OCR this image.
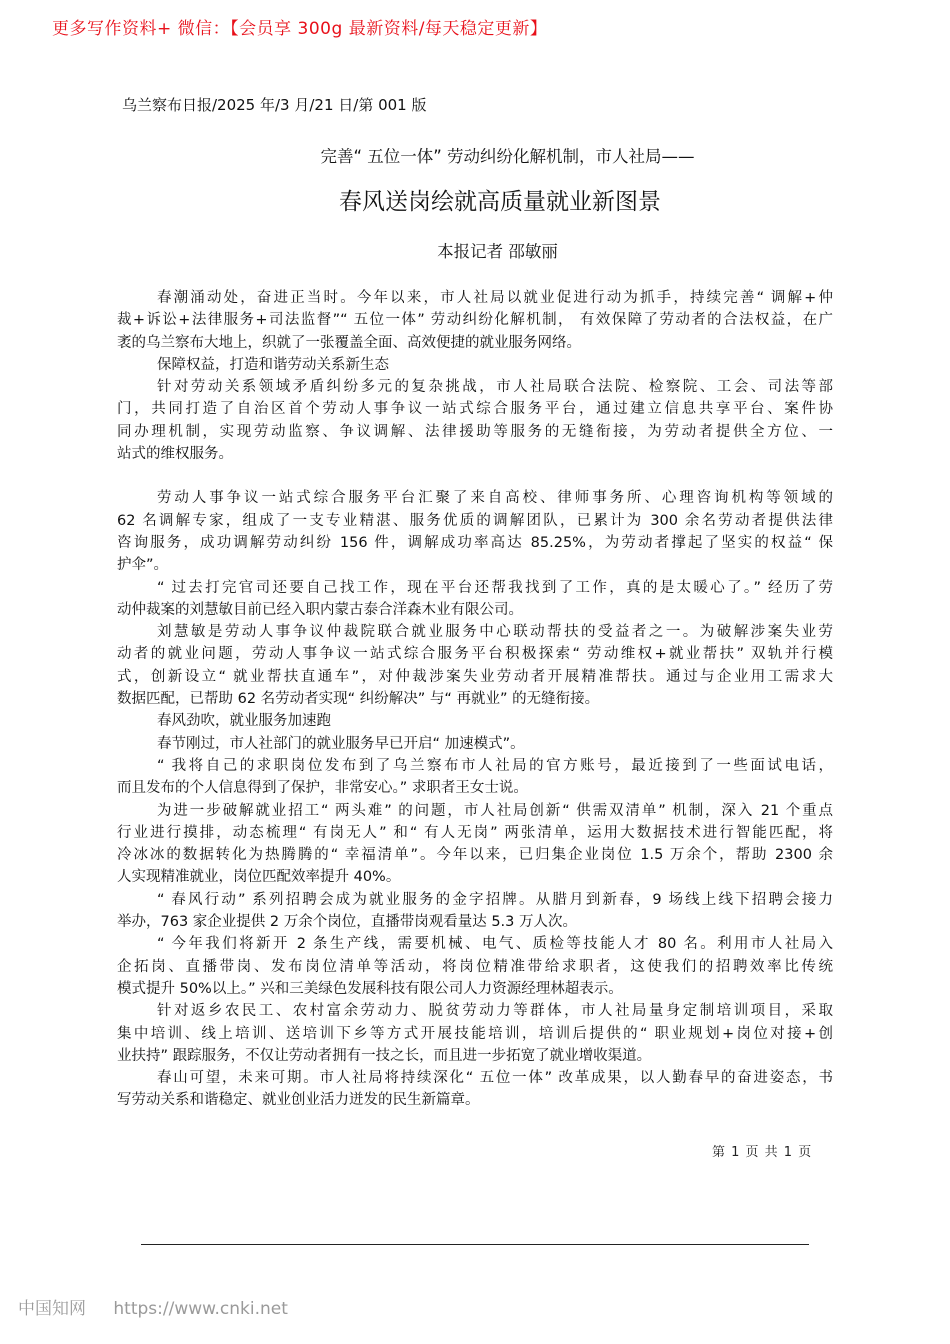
更多写作资料+ 微信：【会员享 300g 最新资料/每天稳定更新】
乌兰察布日报/2025 年/3 月/21 日/第 001 版
完善“ 五位一体” 劳动纠纷化解机制，市人社局——
春风送岗绘就高质量就业新图景
本报记者 邵敏丽
春潮涌动处，奋进正当时。今年以来，市人社局以就业促进行动为抓手，持续完善“ 调解+仲
裁+诉讼+法律服务+司法监督”“ 五位一体” 劳动纠纷化解机制， 有效保障了劳动者的合法权益，在广
袤的乌兰察布大地上，织就了一张覆盖全面、高效便捷的就业服务网络。
保障权益，打造和谐劳动关系新生态
针对劳动关系领域矛盾纠纷多元的复杂挑战，市人社局联合法院、检察院、工会、司法等部
门，共同打造了自治区首个劳动人事争议一站式综合服务平台，通过建立信息共享平台、案件协
同办理机制，实现劳动监察、争议调解、法律援助等服务的无缝衔接，为劳动者提供全方位、一
站式的维权服务。
劳动人事争议一站式综合服务平台汇聚了来自高校、律师事务所、心理咨询机构等领域的
62 名调解专家，组成了一支专业精湛、服务优质的调解团队，已累计为 300 余名劳动者提供法律
咨询服务，成功调解劳动纠纷 156 件，调解成功率高达 85.25%，为劳动者撑起了坚实的权益“ 保
护伞”。
“ 过去打完官司还要自己找工作，现在平台还帮我找到了工作，真的是太暖心了。” 经历了劳
动仲裁案的刘慧敏目前已经入职内蒙古泰合洋森木业有限公司。
刘慧敏是劳动人事争议仲裁院联合就业服务中心联动帮扶的受益者之一。为破解涉案失业劳
动者的就业问题，劳动人事争议一站式综合服务平台积极探索“ 劳动维权+就业帮扶” 双轨并行模
式，创新设立“ 就业帮扶直通车”，对仲裁涉案失业劳动者开展精准帮扶。通过与企业用工需求大
数据匹配，已帮助 62 名劳动者实现“ 纠纷解决” 与“ 再就业” 的无缝衔接。
春风劲吹，就业服务加速跑
春节刚过，市人社部门的就业服务早已开启“ 加速模式”。
“ 我将自己的求职岗位发布到了乌兰察布市人社局的官方账号，最近接到了一些面试电话，
而且发布的个人信息得到了保护，非常安心。” 求职者王女士说。
为进一步破解就业招工“ 两头难” 的问题，市人社局创新“ 供需双清单” 机制，深入 21 个重点
行业进行摸排，动态梳理“ 有岗无人” 和“ 有人无岗” 两张清单，运用大数据技术进行智能匹配，将
冷冰冰的数据转化为热腾腾的“ 幸福清单”。今年以来，已归集企业岗位 1.5 万余个，帮助 2300 余
人实现精准就业，岗位匹配效率提升 40%。
“ 春风行动” 系列招聘会成为就业服务的金字招牌。从腊月到新春，9 场线上线下招聘会接力
举办，763 家企业提供 2 万余个岗位，直播带岗观看量达 5.3 万人次。
“ 今年我们将新开 2 条生产线，需要机械、电气、质检等技能人才 80 名。利用市人社局入
企拓岗、直播带岗、发布岗位清单等活动，将岗位精准带给求职者，这使我们的招聘效率比传统
模式提升 50%以上。” 兴和三美绿色发展科技有限公司人力资源经理林超表示。
针对返乡农民工、农村富余劳动力、脱贫劳动力等群体，市人社局量身定制培训项目，采取
集中培训、线上培训、送培训下乡等方式开展技能培训，培训后提供的“ 职业规划+岗位对接+创
业扶持” 跟踪服务，不仅让劳动者拥有一技之长，而且进一步拓宽了就业增收渠道。
春山可望，未来可期。市人社局将持续深化“ 五位一体” 改革成果，以人勤春早的奋进姿态，书
写劳动关系和谐稳定、就业创业活力迸发的民生新篇章。
第 1 页 共 1 页
中国知网 https://www.cnki.net
